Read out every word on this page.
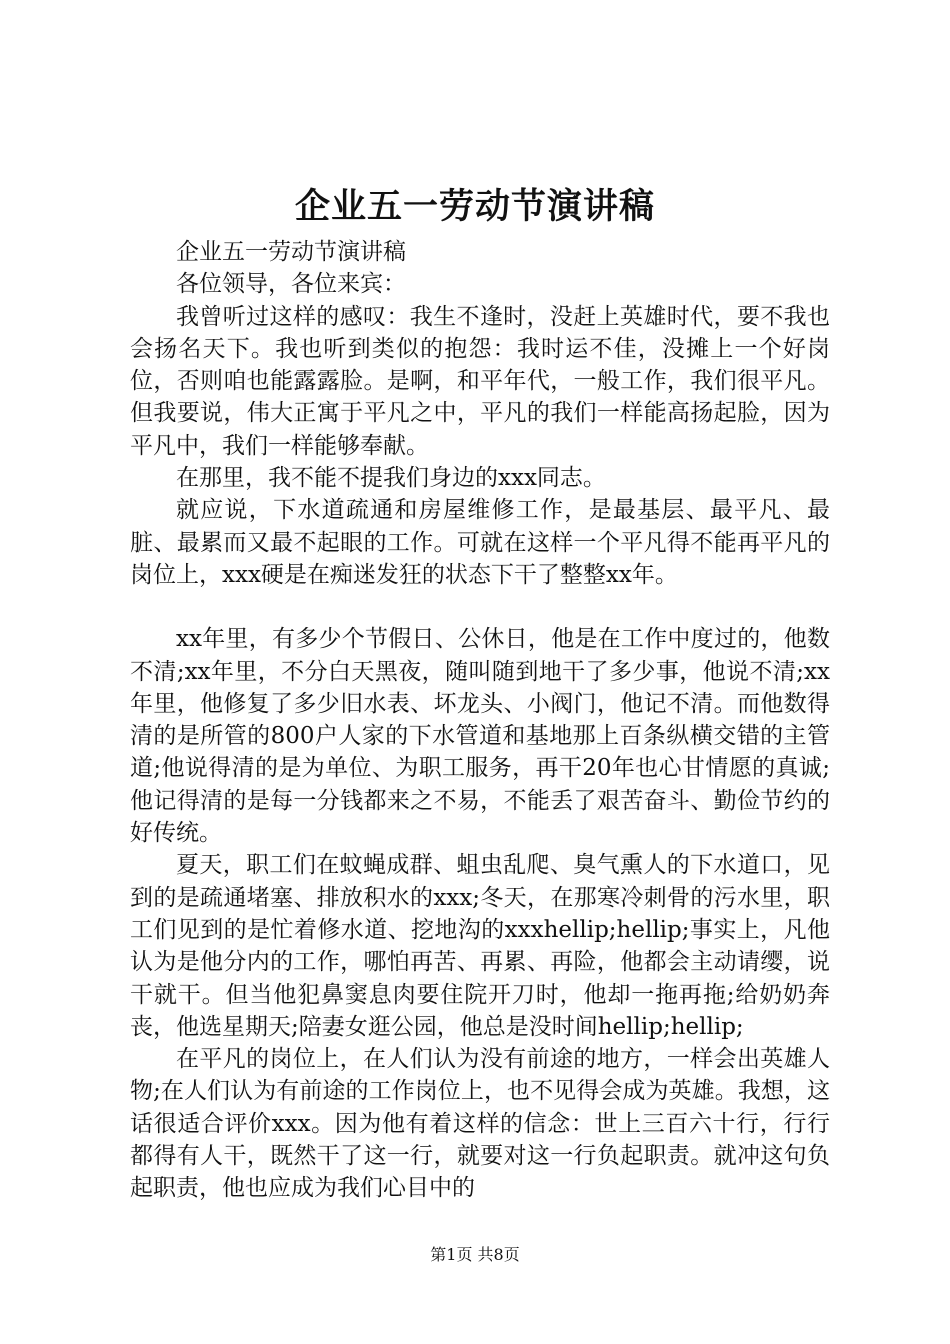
企业五一劳动节演讲稿

企业五一劳动节演讲稿

各位领导，各位来宾：

我曾听过这样的感叹：我生不逢时，没赶上英雄时代，要不我也会扬名天下。我也听到类似的抱怨：我时运不佳，没摊上一个好岗位，否则咱也能露露脸。是啊，和平年代，一般工作，我们很平凡。但我要说，伟大正寓于平凡之中，平凡的我们一样能高扬起脸，因为平凡中，我们一样能够奉献。

在那里，我不能不提我们身边的xxx同志。

就应说，下水道疏通和房屋维修工作，是最基层、最平凡、最脏、最累而又最不起眼的工作。可就在这样一个平凡得不能再平凡的岗位上，xxx硬是在痴迷发狂的状态下干了整整xx年。

xx年里，有多少个节假日、公休日，他是在工作中度过的，他数不清;xx年里，不分白天黑夜，随叫随到地干了多少事，他说不清;xx年里，他修复了多少旧水表、坏龙头、小阀门，他记不清。而他数得清的是所管的800户人家的下水管道和基地那上百条纵横交错的主管道;他说得清的是为单位、为职工服务，再干20年也心甘情愿的真诚;他记得清的是每一分钱都来之不易，不能丢了艰苦奋斗、勤俭节约的好传统。

夏天，职工们在蚊蝇成群、蛆虫乱爬、臭气熏人的下水道口，见到的是疏通堵塞、排放积水的xxx;冬天，在那寒冷刺骨的污水里，职工们见到的是忙着修水道、挖地沟的xxxhellip;hellip;事实上，凡他认为是他分内的工作，哪怕再苦、再累、再险，他都会主动请缨，说干就干。但当他犯鼻窦息肉要住院开刀时，他却一拖再拖;给奶奶奔丧，他选星期天;陪妻女逛公园，他总是没时间hellip;hellip;

在平凡的岗位上，在人们认为没有前途的地方，一样会出英雄人物;在人们认为有前途的工作岗位上，也不见得会成为英雄。我想，这话很适合评价xxx。因为他有着这样的信念：世上三百六十行，行行都得有人干，既然干了这一行，就要对这一行负起职责。就冲这句负起职责，他也应成为我们心目中的

第1页 共8页
